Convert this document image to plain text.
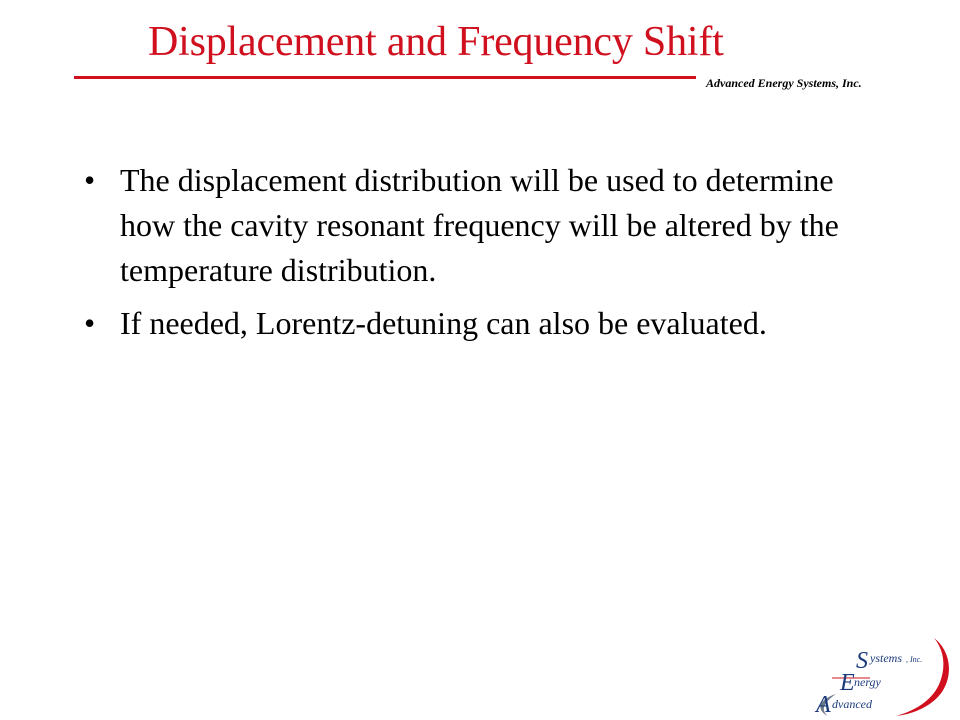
Displacement and Frequency Shift
Advanced Energy Systems, Inc.
• The displacement distribution will be used to determine how the cavity resonant frequency will be altered by the temperature distribution.
• If needed, Lorentz-detuning can also be evaluated.
S ystems , Inc.
E nergy
A dvanced
